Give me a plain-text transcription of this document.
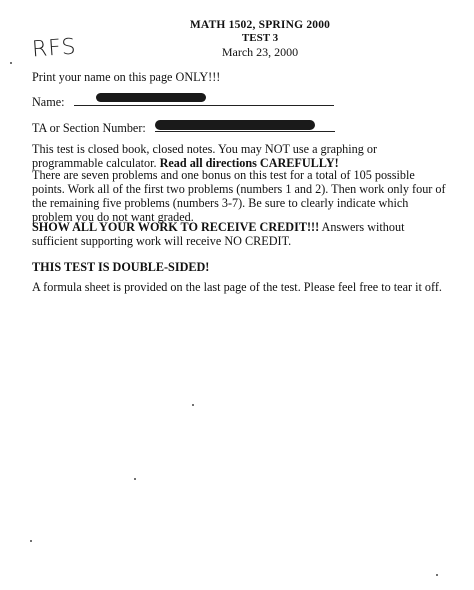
MATH 1502, SPRING 2000
TEST 3
March 23, 2000
RFS
Print your name on this page ONLY!!!
Name:
TA or Section Number:
This test is closed book, closed notes. You may NOT use a graphing or programmable calculator. Read all directions CAREFULLY!
There are seven problems and one bonus on this test for a total of 105 possible points. Work all of the first two problems (numbers 1 and 2). Then work only four of the remaining five problems (numbers 3-7). Be sure to clearly indicate which problem you do not want graded.
SHOW ALL YOUR WORK TO RECEIVE CREDIT!!! Answers without sufficient supporting work will receive NO CREDIT.
THIS TEST IS DOUBLE-SIDED!
A formula sheet is provided on the last page of the test. Please feel free to tear it off.
